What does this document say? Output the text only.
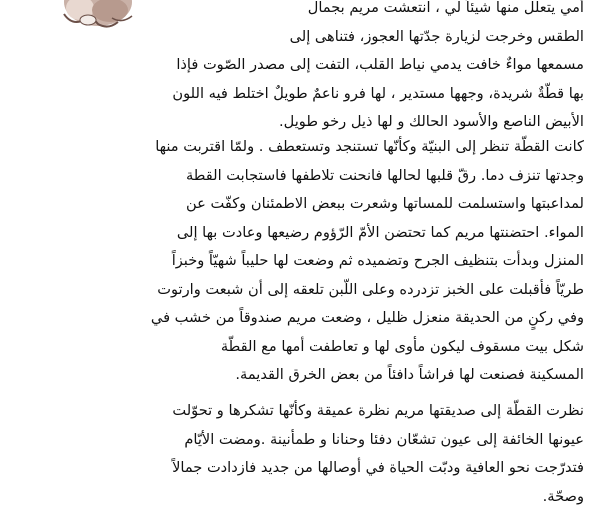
أمي يتعلل منها شيئاً لي ، انتعشت مريم بجمال
الطقس وخرجت لزيارة جدّتها العجوز، فتناهى إلى
مسمعها مواءٌ خافت يدمي نياط القلب، التفت إلى مصدر الصّوت فإذا
بها قطّةٌ شريدة، وجهها مستدير ، لها فرو ناعمٌ طويلٌ اختلط فيه اللون
الأبيض الناصع والأسود الحالك و لها ذيل رخو طويل.
كانت القطّة تنظر إلى البنيّة وكأنّها تستنجد وتستعطف . ولمّا اقتربت منها
وجدتها تنزف دما. رقّ قلبها لحالها فانحنت تلاطفها فاستجابت القطة
لمداعبتها واستسلمت للمساتها وشعرت ببعض الاطمئنان وكفّت عن
المواء. احتضنتها مريم كما تحتضن الأمّ الرّؤوم رضيعها وعادت بها إلى
المنزل وبدأت بتنظيف الجرح وتضميده ثم وضعت لها حليباً شهيّاً وخبزاً
طريّاً فأقبلت على الخبز تزدرده وعلى اللّبن تلعقه إلى أن شبعت وارتوت
وفي ركنٍ من الحديقة منعزل ظليل ، وضعت مريم صندوقاً من خشب في
شكل بيت مسقوف ليكون مأوى لها و تعاطفت أمها مع القطّة
المسكينة فصنعت لها فراشاً دافئاً من بعض الخرق القديمة.
نظرت القطّة إلى صديقتها مريم نظرة عميقة وكأنّها تشكرها و تحوّلت
عيونها الخائفة إلى عيون تشعّان دفئا وحنانا و طمأنينة .ومضت الأيّام
فتدرّجت نحو العافية ودبّت الحياة في أوصالها من جديد فازدادت جمالاً
وصحّة.
